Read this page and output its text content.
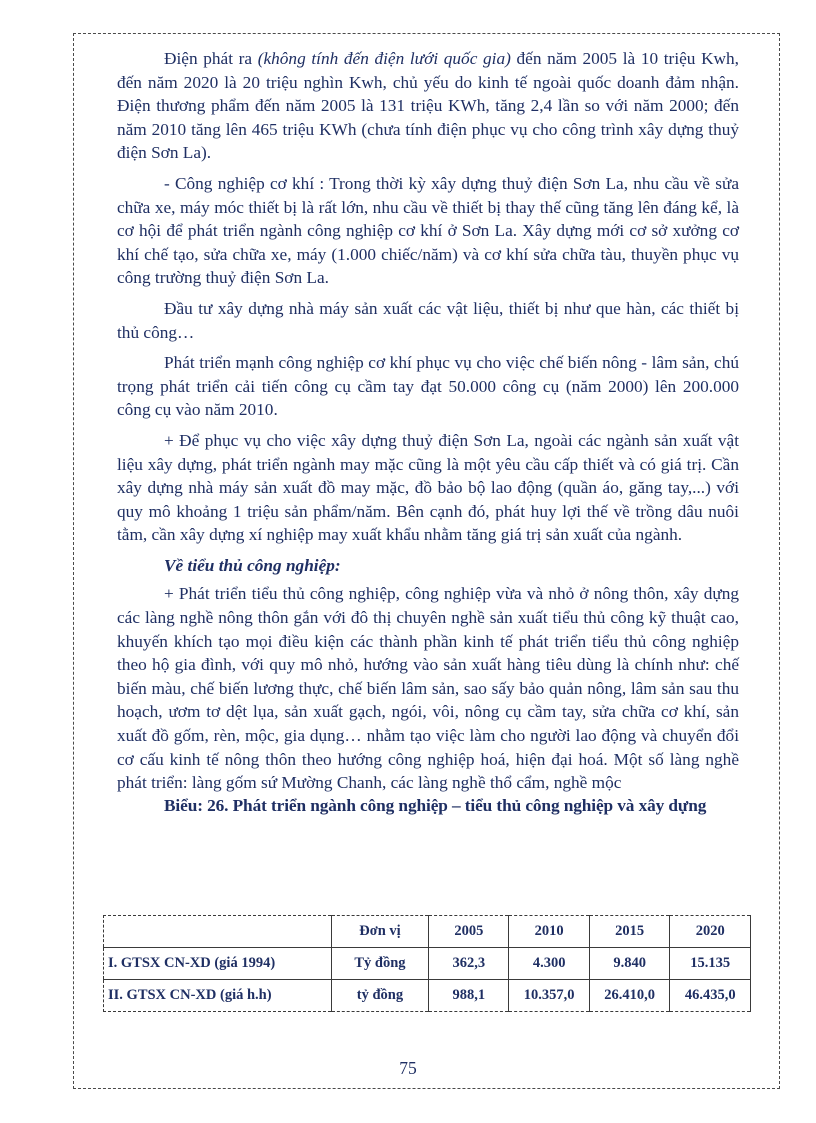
Điện phát ra (không tính đến điện lưới quốc gia) đến năm 2005 là 10 triệu Kwh, đến năm 2020 là 20 triệu nghìn Kwh, chủ yếu do kinh tế ngoài quốc doanh đảm nhận. Điện thương phẩm đến năm 2005 là 131 triệu KWh, tăng 2,4 lần so với năm 2000; đến năm 2010 tăng lên 465 triệu KWh (chưa tính điện phục vụ cho công trình xây dựng thuỷ điện Sơn La).

- Công nghiệp cơ khí : Trong thời kỳ xây dựng thuỷ điện Sơn La, nhu cầu về sửa chữa xe, máy móc thiết bị là rất lớn, nhu cầu về thiết bị thay thế cũng tăng lên đáng kể, là cơ hội để phát triển ngành công nghiệp cơ khí ở Sơn La. Xây dựng mới cơ sở xưởng cơ khí chế tạo, sửa chữa xe, máy (1.000 chiếc/năm) và cơ khí sửa chữa tàu, thuyền phục vụ công trường thuỷ điện Sơn La.

Đầu tư xây dựng nhà máy sản xuất các vật liệu, thiết bị như que hàn, các thiết bị thủ công…

Phát triển mạnh công nghiệp cơ khí phục vụ cho việc chế biến nông - lâm sản, chú trọng phát triển cải tiến công cụ cầm tay đạt 50.000 công cụ (năm 2000) lên 200.000 công cụ vào năm 2010.

+ Để phục vụ cho việc xây dựng thuỷ điện Sơn La, ngoài các ngành sản xuất vật liệu xây dựng, phát triển ngành may mặc cũng là một yêu cầu cấp thiết và có giá trị. Cần xây dựng nhà máy sản xuất đồ may mặc, đồ bảo bộ lao động (quần áo, găng tay,...) với quy mô khoảng 1 triệu sản phẩm/năm. Bên cạnh đó, phát huy lợi thế về trồng dâu nuôi tằm, cần xây dựng xí nghiệp may xuất khẩu nhằm tăng giá trị sản xuất của ngành.

Về tiểu thủ công nghiệp:

+ Phát triển tiểu thủ công nghiệp, công nghiệp vừa và nhỏ ở nông thôn, xây dựng các làng nghề nông thôn gắn với đô thị chuyên nghề sản xuất tiểu thủ công kỹ thuật cao, khuyến khích tạo mọi điều kiện các thành phần kinh tế phát triển tiểu thủ công nghiệp theo hộ gia đình, với quy mô nhỏ, hướng vào sản xuất hàng tiêu dùng là chính như: chế biến màu, chế biến lương thực, chế biến lâm sản, sao sấy bảo quản nông, lâm sản sau thu hoạch, ươm tơ dệt lụa, sản xuất gạch, ngói, vôi, nông cụ cầm tay, sửa chữa cơ khí, sản xuất đồ gốm, rèn, mộc, gia dụng… nhằm tạo việc làm cho người lao động và chuyển đổi cơ cấu kinh tế nông thôn theo hướng công nghiệp hoá, hiện đại hoá. Một số làng nghề phát triển: làng gốm sứ Mường Chanh, các làng nghề thổ cẩm, nghề mộc

Biểu: 26. Phát triển ngành công nghiệp – tiểu thủ công nghiệp và xây dựng

	Đơn vị	2005	2010	2015	2020
I. GTSX CN-XD (giá 1994)	Tỷ đồng	362,3	4.300	9.840	15.135
II. GTSX CN-XD (giá h.h)	tỷ đồng	988,1	10.357,0	26.410,0	46.435,0
75
